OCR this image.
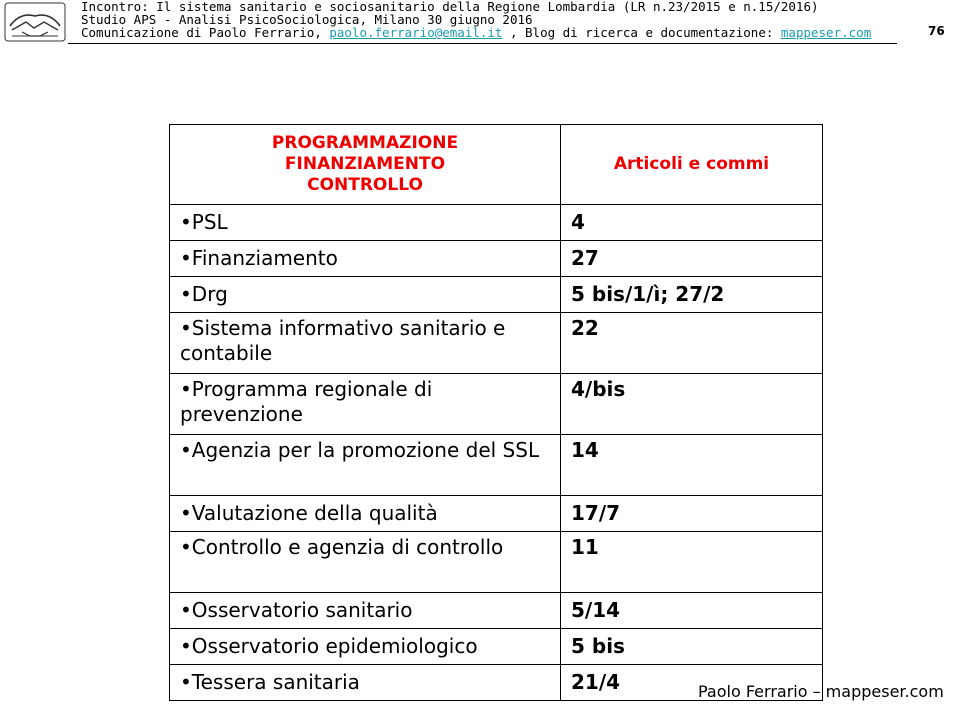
Incontro: Il sistema sanitario e sociosanitario della Regione Lombardia (LR n.23/2015 e n.15/2016)
Studio APS - Analisi PsicoSociologica, Milano 30 giugno 2016
Comunicazione di Paolo Ferrario, paolo.ferrario@email.it , Blog di ricerca e documentazione: mappeser.com	76
PROGRAMMAZIONE
FINANZIAMENTO
CONTROLLO	Articoli e commi
•PSL	4
•Finanziamento	27
•Drg	5 bis/1/ì; 27/2
•Sistema informativo sanitario e contabile	22
•Programma regionale di prevenzione	4/bis
•Agenzia per la promozione del SSL	14
•Valutazione della qualità	17/7
•Controllo e agenzia di controllo	11
•Osservatorio sanitario	5/14
•Osservatorio epidemiologico	5 bis
•Tessera sanitaria	21/4	Paolo Ferrario – mappeser.com
